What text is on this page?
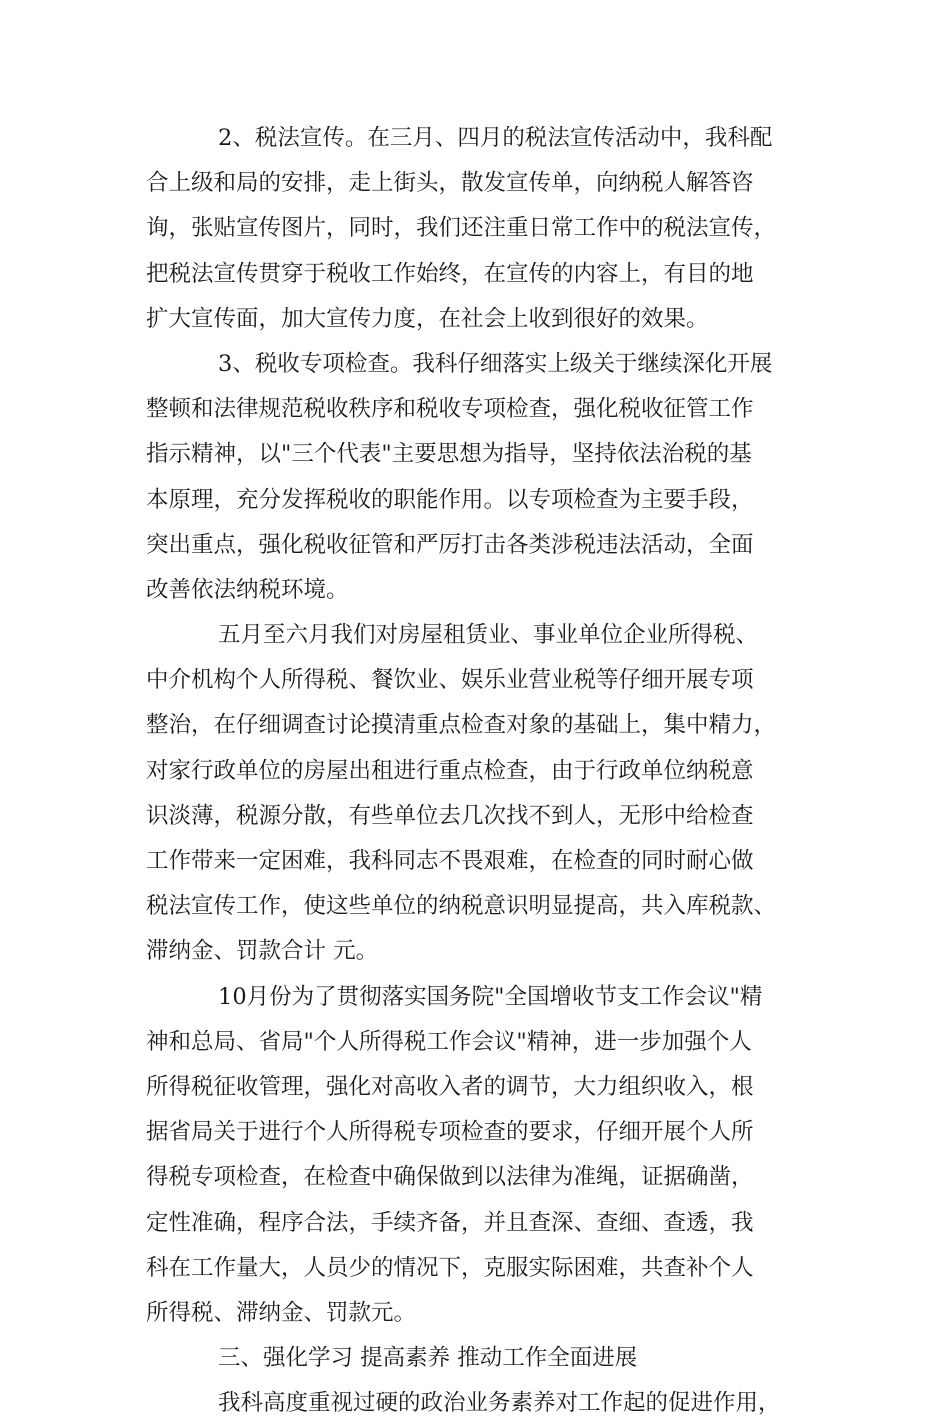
2、税法宣传。在三月、四月的税法宣传活动中，我科配
合上级和局的安排，走上街头，散发宣传单，向纳税人解答咨
询，张贴宣传图片，同时，我们还注重日常工作中的税法宣传，
把税法宣传贯穿于税收工作始终，在宣传的内容上，有目的地
扩大宣传面，加大宣传力度，在社会上收到很好的效果。
3、税收专项检查。我科仔细落实上级关于继续深化开展
整顿和法律规范税收秩序和税收专项检查，强化税收征管工作
指示精神，以"三个代表"主要思想为指导，坚持依法治税的基
本原理，充分发挥税收的职能作用。以专项检查为主要手段，
突出重点，强化税收征管和严厉打击各类涉税违法活动，全面
改善依法纳税环境。
五月至六月我们对房屋租赁业、事业单位企业所得税、
中介机构个人所得税、餐饮业、娱乐业营业税等仔细开展专项
整治，在仔细调查讨论摸清重点检查对象的基础上，集中精力，
对家行政单位的房屋出租进行重点检查，由于行政单位纳税意
识淡薄，税源分散，有些单位去几次找不到人，无形中给检查
工作带来一定困难，我科同志不畏艰难，在检查的同时耐心做
税法宣传工作，使这些单位的纳税意识明显提高，共入库税款、
滞纳金、罚款合计 元。
10月份为了贯彻落实国务院"全国增收节支工作会议"精
神和总局、省局"个人所得税工作会议"精神，进一步加强个人
所得税征收管理，强化对高收入者的调节，大力组织收入，根
据省局关于进行个人所得税专项检查的要求，仔细开展个人所
得税专项检查，在检查中确保做到以法律为准绳，证据确凿，
定性准确，程序合法，手续齐备，并且查深、查细、查透，我
科在工作量大，人员少的情况下，克服实际困难，共查补个人
所得税、滞纳金、罚款元。
三、强化学习 提高素养 推动工作全面进展
我科高度重视过硬的政治业务素养对工作起的促进作用，
